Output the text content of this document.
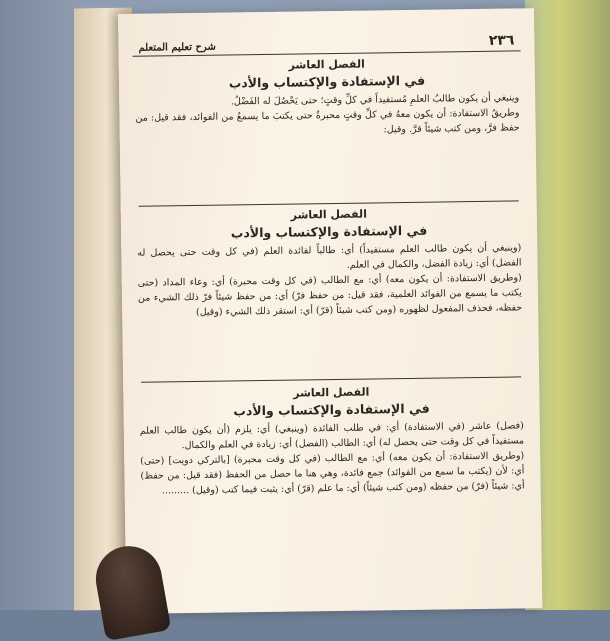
٢٣٦
شرح تعليم المتعلم

الفصل العاشر

في الإستفادة والإكتساب والأدب

وينبغي أن يكون طالبُ العلمِ مُستفيداً في كلِّ وقتٍ؛ حتى يَحْصُلَ له الفَضْلُ.

وطريقُ الاستفادة: أن يكون معهُ في كلِّ وقتٍ محبرةٌ حتى يكتبَ ما يسمعُ من الفوائد، فقد قيل: من حفظ فرَّ، ومن كتب شيئاً قرَّ. وقيل:

الفصل العاشر

في الإستفادة والإكتساب والأدب

(وينبغي أن يكون طالب العلم مستفيداً) أي: طالباً لفائدة العلم (في كل وقت حتى يحصل له الفضل) أي: زيادة الفضل، والكمال في العلم.

(وطريق الاستفادة: أن يكون معه) أي: مع الطالب (في كل وقت محبرة) أي: وعاء المداد (حتى يكتب ما يسمع من الفوائد العلمية، فقد قيل: من حفظ فرّ) أي: من حفظ شيئاً فرّ ذلك الشيء من حفظه، فحذف المفعول لظهوره (ومن كتب شيئاً (قرّ) أي: استقر ذلك الشيء (وقيل)

الفصل العاشر

في الإستفادة والإكتساب والأدب

(فصل) عاشر (في الاستفادة) أي: في طلب الفائدة (وينبغي) أي: يلزم (أن يكون طالب العلم مستفيداً في كل وقت حتى يحصل له) أي: الطالب (الفضل) أي: زيادة في العلم والكمال.

(وطريق الاستفادة: أن يكون معه) أي: مع الطالب (في كل وقت محبرة) [بالتركي دويت] (حتى) أي: لأن (يكتب ما سمع من الفوائد) جمع فائدة، وهي هنا ما حصل من الحفظ (فقد قيل: من حفظ) أي: شيئاً (فرّ) من حفظه (ومن كتب شيئاً) أي: ما علم (قرّ) أي: يثبت فيما كتب (وقيل) .........
